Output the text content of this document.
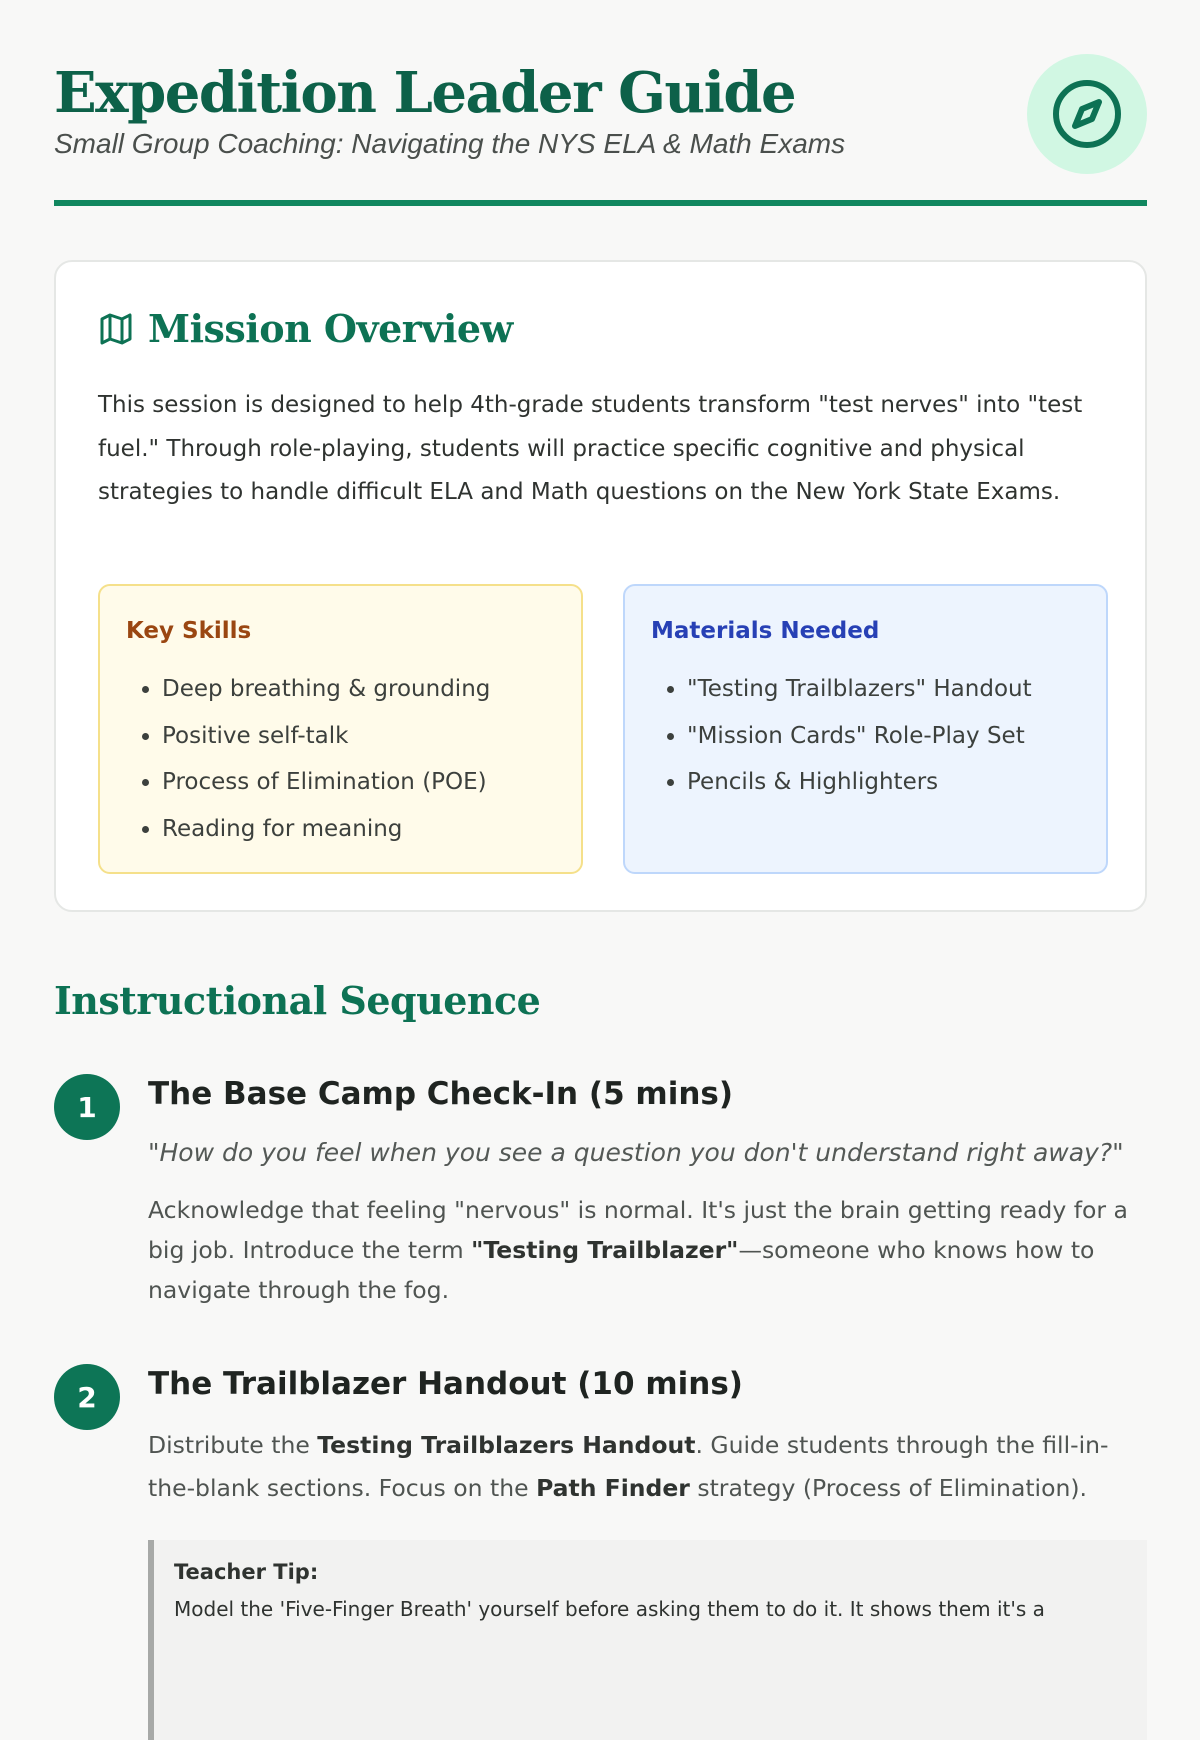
Expedition Leader Guide

Small Group Coaching: Navigating the NYS ELA & Math Exams

Mission Overview

This session is designed to help 4th-grade students transform "test nerves" into "test fuel." Through role-playing, students will practice specific cognitive and physical strategies to handle difficult ELA and Math questions on the New York State Exams.

Key Skills
• Deep breathing & grounding
• Positive self-talk
• Process of Elimination (POE)
• Reading for meaning
Materials Needed
• "Testing Trailblazers" Handout
• "Mission Cards" Role-Play Set
• Pencils & Highlighters
Instructional Sequence
1	The Base Camp Check-In (5 mins)

"How do you feel when you see a question you don't understand right away?"

Acknowledge that feeling "nervous" is normal. It's just the brain getting ready for a big job. Introduce the term "Testing Trailblazer"—someone who knows how to navigate through the fog.

2	The Trailblazer Handout (10 mins)

Distribute the Testing Trailblazers Handout. Guide students through the fill-in-the-blank sections. Focus on the Path Finder strategy (Process of Elimination).

Teacher Tip:

Model the 'Five-Finger Breath' yourself before asking them to do it. It shows them it's a
